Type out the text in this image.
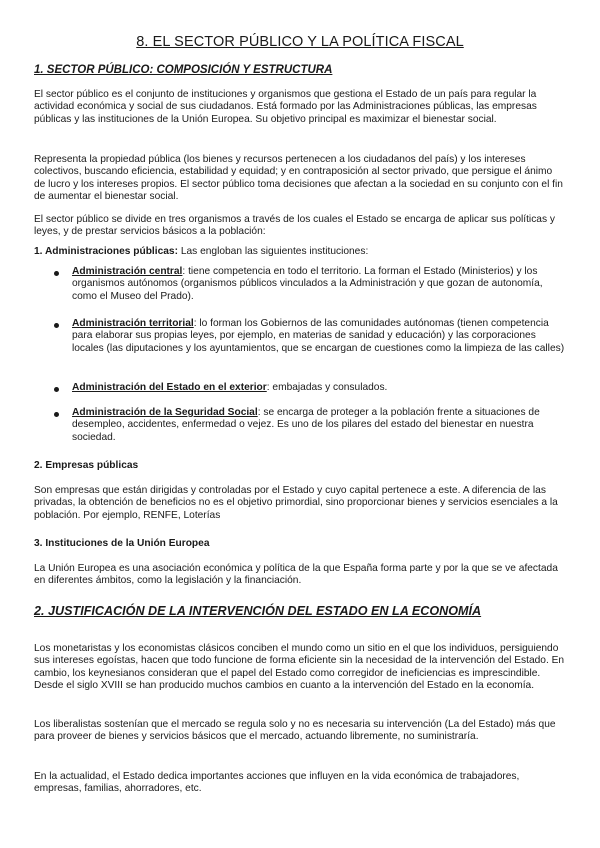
8. EL SECTOR PÚBLICO Y LA POLÍTICA FISCAL
1. SECTOR PÚBLICO: COMPOSICIÓN Y ESTRUCTURA

El sector público es el conjunto de instituciones y organismos que gestiona el Estado de un país para regular la actividad económica y social de sus ciudadanos. Está formado por las Administraciones públicas, las empresas públicas y las instituciones de la Unión Europea. Su objetivo principal es maximizar el bienestar social.

Representa la propiedad pública (los bienes y recursos pertenecen a los ciudadanos del país) y los intereses colectivos, buscando eficiencia, estabilidad y equidad; y en contraposición al sector privado, que persigue el ánimo de lucro y los intereses propios. El sector público toma decisiones que afectan a la sociedad en su conjunto con el fin de aumentar el bienestar social.

El sector público se divide en tres organismos a través de los cuales el Estado se encarga de aplicar sus políticas y leyes, y de prestar servicios básicos a la población:

1. Administraciones públicas: Las engloban las siguientes instituciones:
Administración central: tiene competencia en todo el territorio. La forman el Estado (Ministerios) y los organismos autónomos (organismos públicos vinculados a la Administración y que gozan de autonomía, como el Museo del Prado).
Administración territorial: lo forman los Gobiernos de las comunidades autónomas (tienen competencia para elaborar sus propias leyes, por ejemplo, en materias de sanidad y educación) y las corporaciones locales (las diputaciones y los ayuntamientos, que se encargan de cuestiones como la limpieza de las calles)
Administración del Estado en el exterior: embajadas y consulados.
Administración de la Seguridad Social: se encarga de proteger a la población frente a situaciones de desempleo, accidentes, enfermedad o vejez. Es uno de los pilares del estado del bienestar en nuestra sociedad.
2. Empresas públicas

Son empresas que están dirigidas y controladas por el Estado y cuyo capital pertenece a este. A diferencia de las privadas, la obtención de beneficios no es el objetivo primordial, sino proporcionar bienes y servicios esenciales a la población. Por ejemplo, RENFE, Loterías

3. Instituciones de la Unión Europea

La Unión Europea es una asociación económica y política de la que España forma parte y por la que se ve afectada en diferentes ámbitos, como la legislación y la financiación.

2. JUSTIFICACIÓN DE LA INTERVENCIÓN DEL ESTADO EN LA ECONOMÍA

Los monetaristas y los economistas clásicos conciben el mundo como un sitio en el que los individuos, persiguiendo sus intereses egoístas, hacen que todo funcione de forma eficiente sin la necesidad de la intervención del Estado. En cambio, los keynesianos consideran que el papel del Estado como corregidor de ineficiencias es imprescindible. Desde el siglo XVIII se han producido muchos cambios en cuanto a la intervención del Estado en la economía.

Los liberalistas sostenían que el mercado se regula solo y no es necesaria su intervención (La del Estado) más que para proveer de bienes y servicios básicos que el mercado, actuando libremente, no suministraría.

En la actualidad, el Estado dedica importantes acciones que influyen en la vida económica de trabajadores, empresas, familias, ahorradores, etc.
